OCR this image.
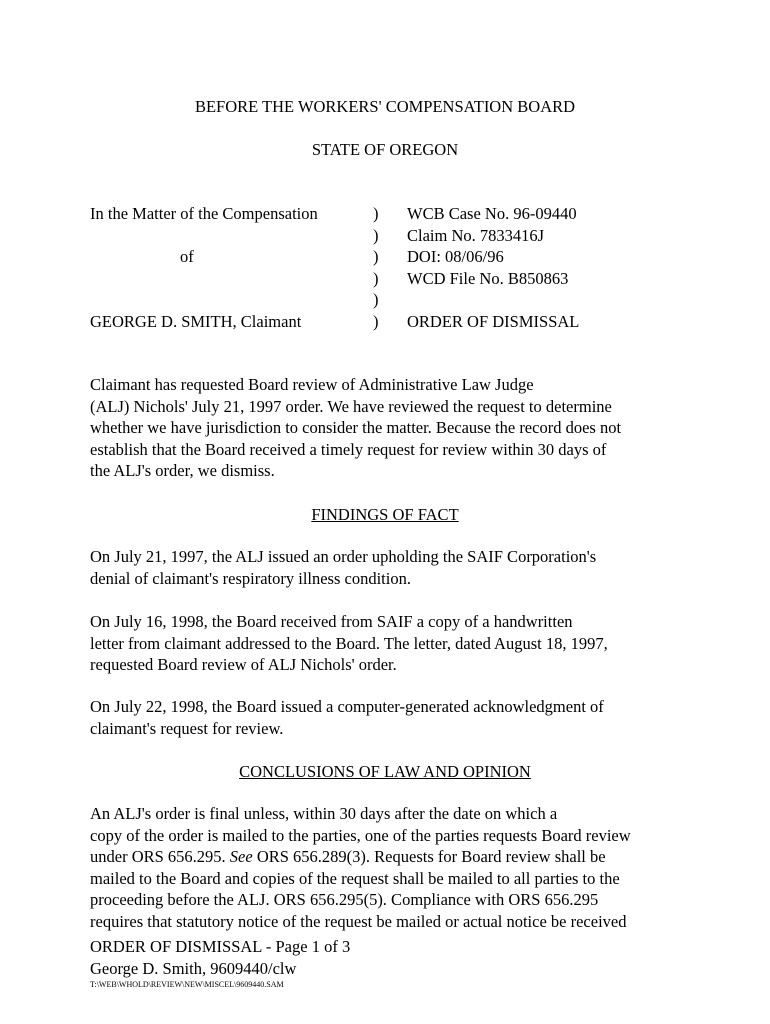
BEFORE THE WORKERS' COMPENSATION BOARD
STATE OF OREGON
In the Matter of the Compensation
of
GEORGE D. SMITH, Claimant
)
)
)
)
)
)
WCB Case No. 96-09440
Claim No. 7833416J
DOI: 08/06/96
WCD File No. B850863
ORDER OF DISMISSAL
Claimant has requested Board review of Administrative Law Judge
(ALJ) Nichols' July 21, 1997 order. We have reviewed the request to determine
whether we have jurisdiction to consider the matter. Because the record does not
establish that the Board received a timely request for review within 30 days of
the ALJ's order, we dismiss.
FINDINGS OF FACT
On July 21, 1997, the ALJ issued an order upholding the SAIF Corporation's
denial of claimant's respiratory illness condition.
On July 16, 1998, the Board received from SAIF a copy of a handwritten
letter from claimant addressed to the Board. The letter, dated August 18, 1997,
requested Board review of ALJ Nichols' order.
On July 22, 1998, the Board issued a computer-generated acknowledgment of
claimant's request for review.
CONCLUSIONS OF LAW AND OPINION
An ALJ's order is final unless, within 30 days after the date on which a
copy of the order is mailed to the parties, one of the parties requests Board review
under ORS 656.295. See ORS 656.289(3). Requests for Board review shall be
mailed to the Board and copies of the request shall be mailed to all parties to the
proceeding before the ALJ. ORS 656.295(5). Compliance with ORS 656.295
requires that statutory notice of the request be mailed or actual notice be received
ORDER OF DISMISSAL - Page 1 of 3
George D. Smith, 9609440/clw
T:\WEB\WHOLD\REVIEW\NEW\MISCEL\9609440.SAM
